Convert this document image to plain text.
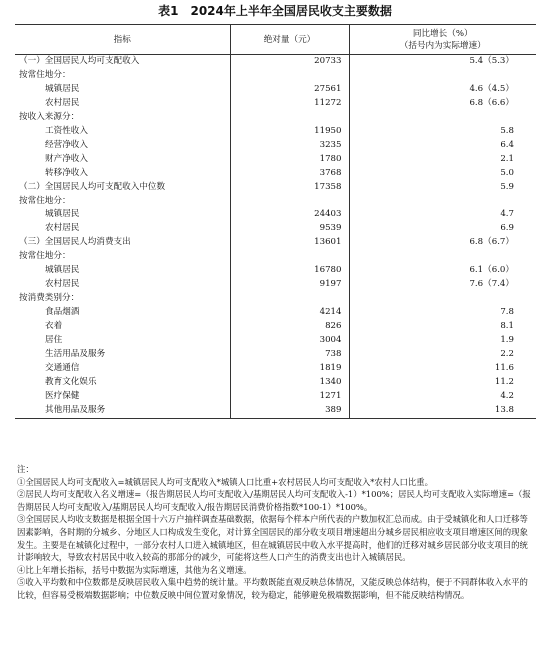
表1　2024年上半年全国居民收支主要数据
指标	绝对量（元）	同比增长（%）
（括号内为实际增速）

（一）全国居民人均可支配收入	20733	5.4（5.3）
按常住地分：		
城镇居民	27561	4.6（4.5）
农村居民	11272	6.8（6.6）
按收入来源分：		
工资性收入	11950	5.8
经营净收入	3235	6.4
财产净收入	1780	2.1
转移净收入	3768	5.0
（二）全国居民人均可支配收入中位数	17358	5.9
按常住地分：		
城镇居民	24403	4.7
农村居民	9539	6.9
（三）全国居民人均消费支出	13601	6.8（6.7）
按常住地分：		
城镇居民	16780	6.1（6.0）
农村居民	9197	7.6（7.4）
按消费类别分：		
食品烟酒	4214	7.8
衣着	826	8.1
居住	3004	1.9
生活用品及服务	738	2.2
交通通信	1819	11.6
教育文化娱乐	1340	11.2
医疗保健	1271	4.2
其他用品及服务	389	13.8

注：

①全国居民人均可支配收入=城镇居民人均可支配收入*城镇人口比重+农村居民人均可支配收入*农村人口比重。

②居民人均可支配收入名义增速=（报告期居民人均可支配收入/基期居民人均可支配收入-1）*100%；居民人均可支配收入实际增速=（报告期居民人均可支配收入/基期居民人均可支配收入/报告期居民消费价格指数*100-1）*100%。

③全国居民人均收支数据是根据全国十六万户抽样调查基础数据，依据每个样本户所代表的户数加权汇总而成。由于受城镇化和人口迁移等因素影响，各时期的分城乡、分地区人口构成发生变化，对计算全国居民的部分收支项目增速超出分城乡居民相应收支项目增速区间的现象发生。主要是在城镇化过程中，一部分农村人口进入城镇地区，但在城镇居民中收入水平提高时，他们的迁移对城乡居民部分收支项目的统计影响较大，导致农村居民中收入较高的那部分的减少，可能将这些人口产生的消费支出也计入城镇居民。

④比上年增长指标，括号中数据为实际增速，其他为名义增速。

⑤收入平均数和中位数都是反映居民收入集中趋势的统计量。平均数既能直观反映总体情况，又能反映总体结构，便于不同群体收入水平的比较，但容易受极端数据影响；中位数反映中间位置对象情况，较为稳定，能够避免极端数据影响，但不能反映结构情况。
